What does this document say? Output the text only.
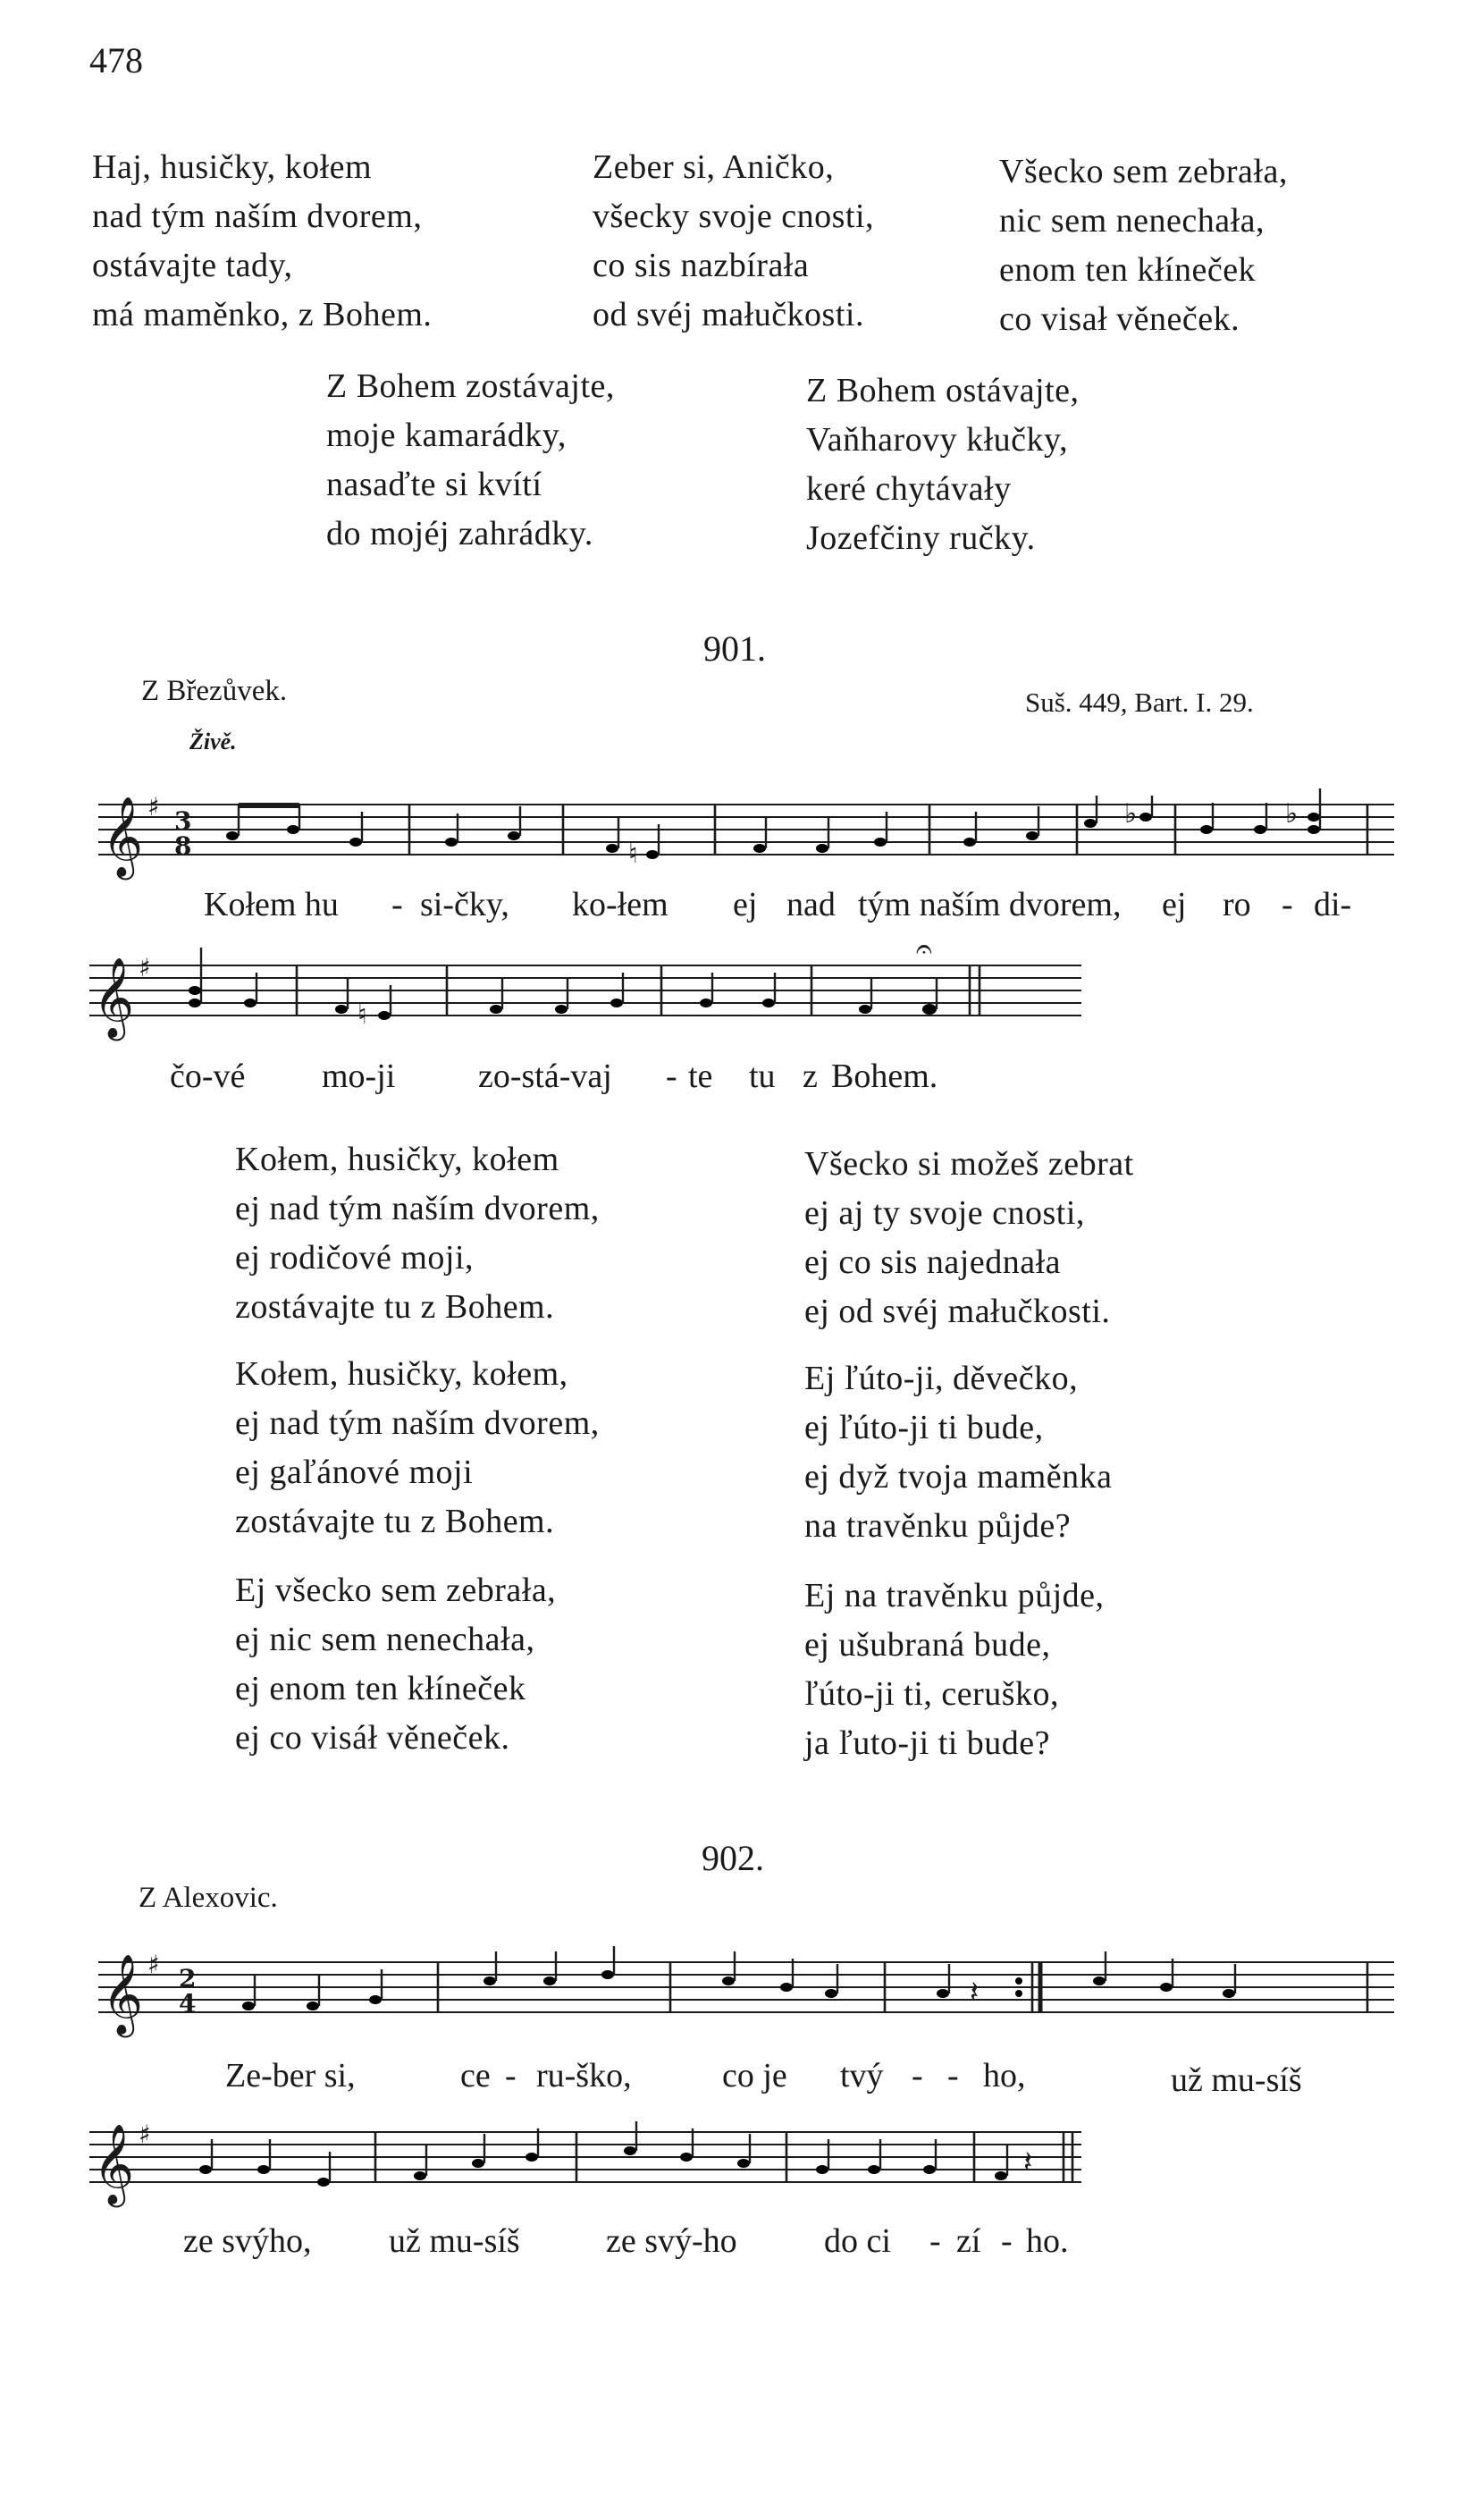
478
Haj, husičky, kołem
nad tým naším dvorem,
ostávajte tady,
má maměnko, z Bohem.
Zeber si, Aničko,
všecky svoje cnosti,
co sis nazbírała
od svéj małučkosti.
Všecko sem zebrała,
nic sem nenechała,
enom ten kłíneček
co visał věneček.
Z Bohem zostávajte,
moje kamarádky,
nasaďte si kvítí
do mojéj zahrádky.
Z Bohem ostávajte,
Vaňharovy kłučky,
keré chytávały
Jozefčiny ručky.
901.
Z Březůvek.	Suš. 449, Bart. I. 29.
Živě.
𝄞 ♯ 3
8	♮
♭	♭
Kołem hu - si-čky, ko-łem ej nad tým naším dvorem, ej ro - di-
𝄞 ♯
♮
𝄐
čo-vé mo-ji zo-stá-vaj - te tu z Bohem.
Kołem, husičky, kołem
ej nad tým naším dvorem,
ej rodičové moji,
zostávajte tu z Bohem.
Kołem, husičky, kołem,
ej nad tým naším dvorem,
ej gaľánové moji
zostávajte tu z Bohem.
Ej všecko sem zebrała,
ej nic sem nenechała,
ej enom ten kłíneček
ej co visáł věneček.
Všecko si možeš zebrat
ej aj ty svoje cnosti,
ej co sis najednała
ej od svéj małučkosti.
Ej ľúto-ji, děvečko,
ej ľúto-ji ti bude,
ej dyž tvoja maměnka
na travěnku půjde?
Ej na travěnku půjde,
ej ušubraná bude,
ľúto-ji ti, ceruško,
ja ľuto-ji ti bude?
902.
Z Alexovic.
𝄞 ♯ 2
4	𝄽
Ze-ber si,	ce - ru-ško,	co je tvý - - ho,	už mu-síš
𝄞 ♯
𝄽
ze svýho, už mu-síš	ze svý-ho	do ci - zí - ho.
